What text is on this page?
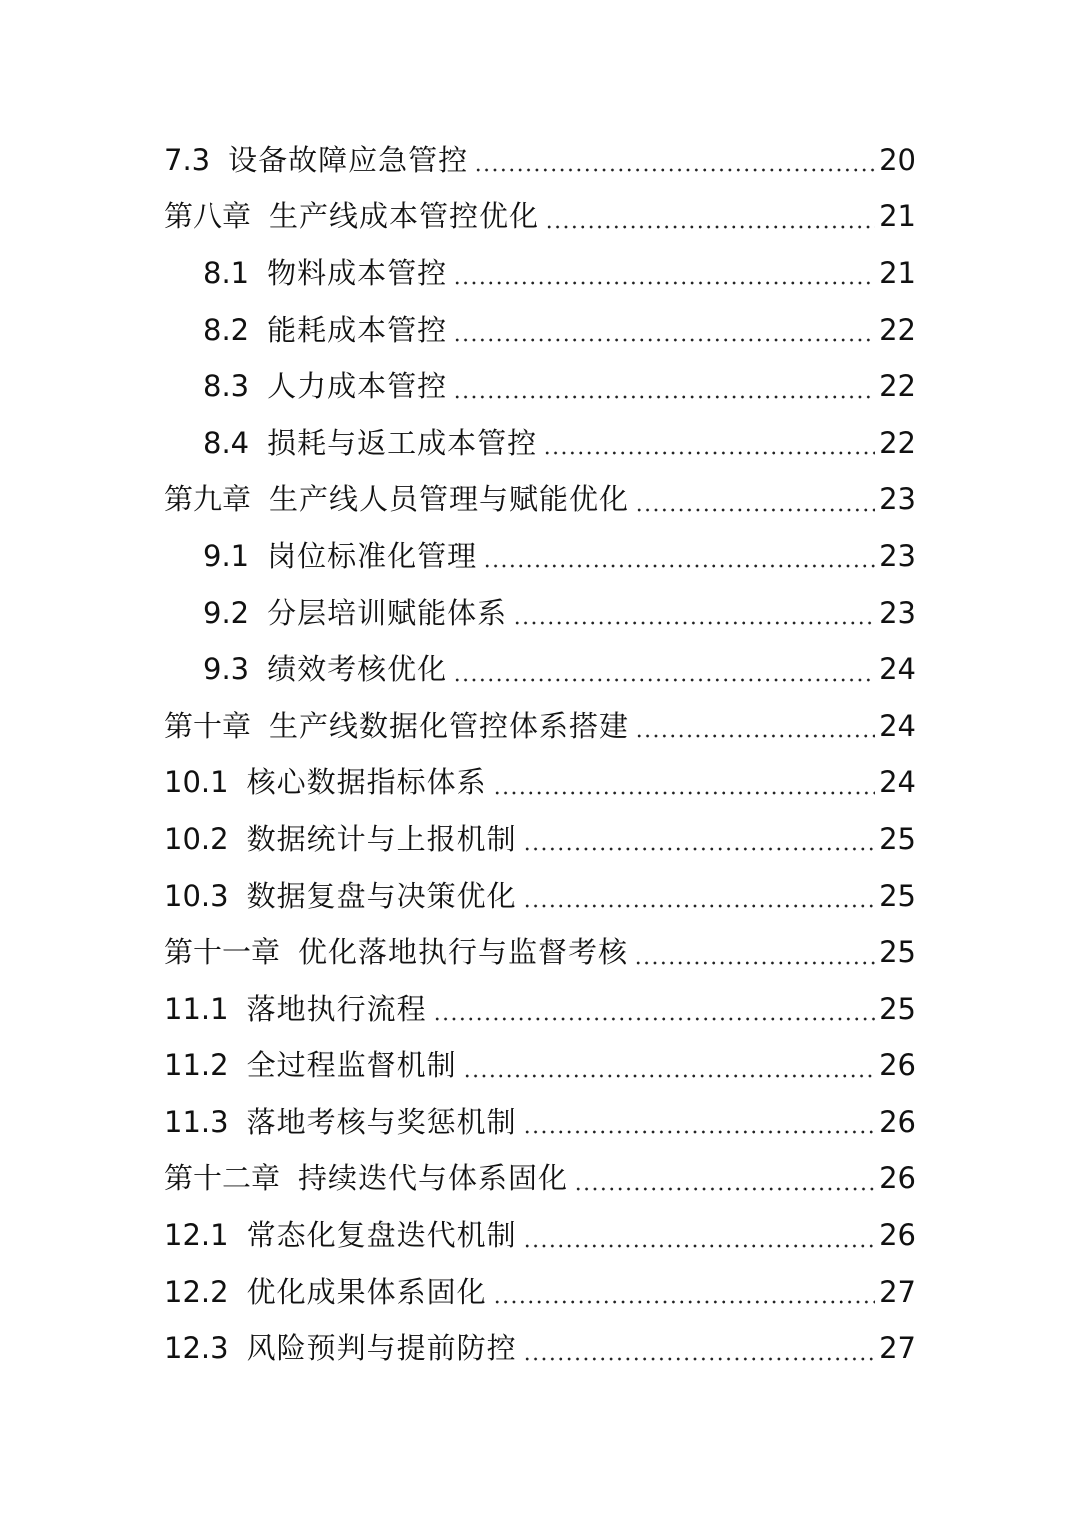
7.3 设备故障应急管控	20
第八章 生产线成本管控优化	21
8.1 物料成本管控	21
8.2 能耗成本管控	22
8.3 人力成本管控	22
8.4 损耗与返工成本管控	22
第九章 生产线人员管理与赋能优化	23
9.1 岗位标准化管理	23
9.2 分层培训赋能体系	23
9.3 绩效考核优化	24
第十章 生产线数据化管控体系搭建	24
10.1 核心数据指标体系	24
10.2 数据统计与上报机制	25
10.3 数据复盘与决策优化	25
第十一章 优化落地执行与监督考核	25
11.1 落地执行流程	25
11.2 全过程监督机制	26
11.3 落地考核与奖惩机制	26
第十二章 持续迭代与体系固化	26
12.1 常态化复盘迭代机制	26
12.2 优化成果体系固化	27
12.3 风险预判与提前防控	27
